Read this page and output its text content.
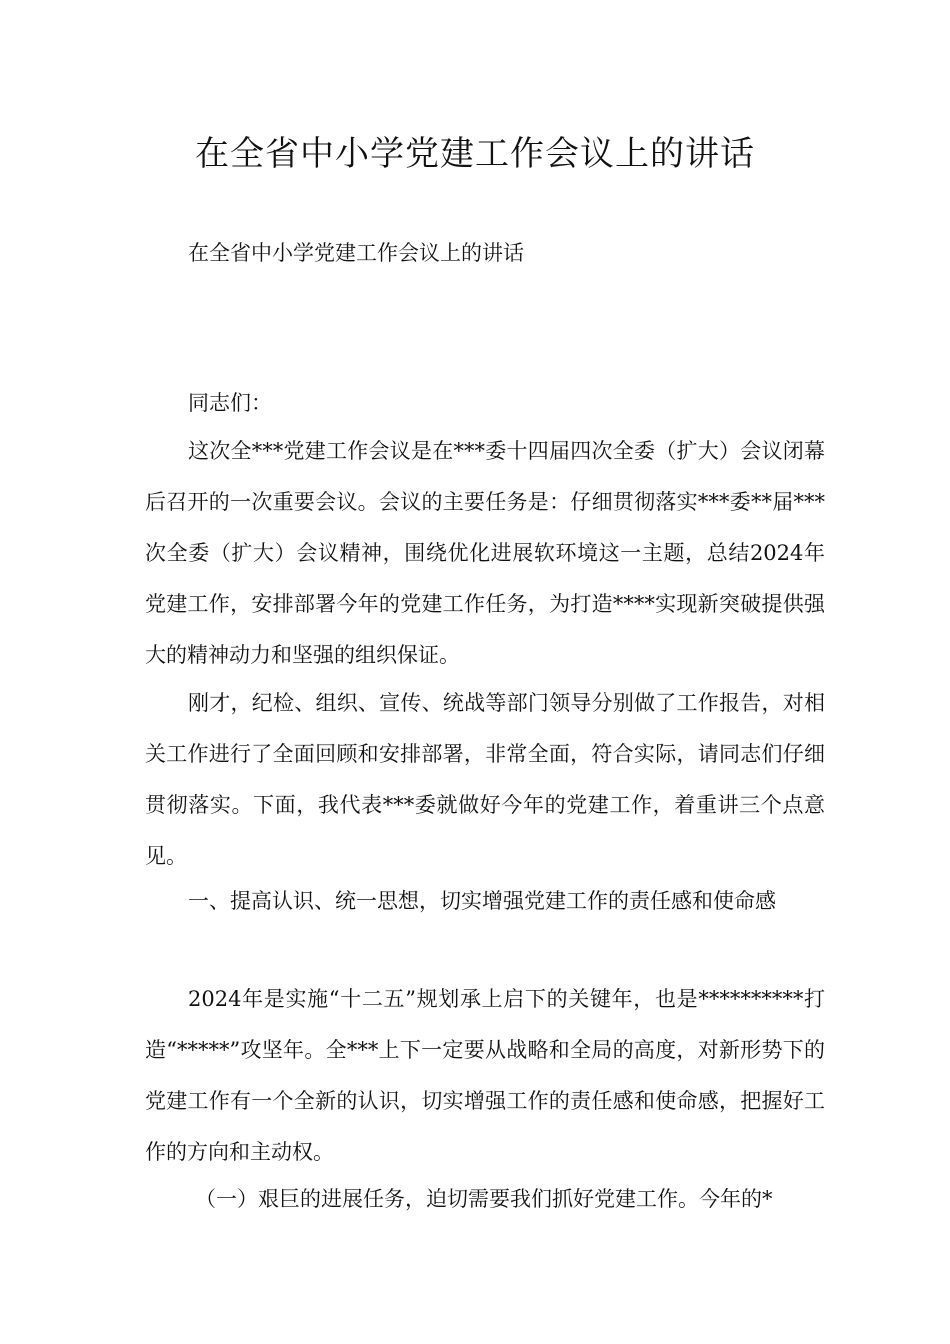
在全省中小学党建工作会议上的讲话

在全省中小学党建工作会议上的讲话

同志们：

这次全***党建工作会议是在***委十四届四次全委（扩大）会议闭幕后召开的一次重要会议。会议的主要任务是：仔细贯彻落实***委**届***次全委（扩大）会议精神，围绕优化进展软环境这一主题，总结2024年党建工作，安排部署今年的党建工作任务，为打造****实现新突破提供强大的精神动力和坚强的组织保证。

刚才，纪检、组织、宣传、统战等部门领导分别做了工作报告，对相关工作进行了全面回顾和安排部署，非常全面，符合实际，请同志们仔细贯彻落实。下面，我代表***委就做好今年的党建工作，着重讲三个点意见。

一、提高认识、统一思想，切实增强党建工作的责任感和使命感

2024年是实施“十二五”规划承上启下的关键年，也是**********打造“*****”攻坚年。全***上下一定要从战略和全局的高度，对新形势下的党建工作有一个全新的认识，切实增强工作的责任感和使命感，把握好工作的方向和主动权。

（一）艰巨的进展任务，迫切需要我们抓好党建工作。今年的*
